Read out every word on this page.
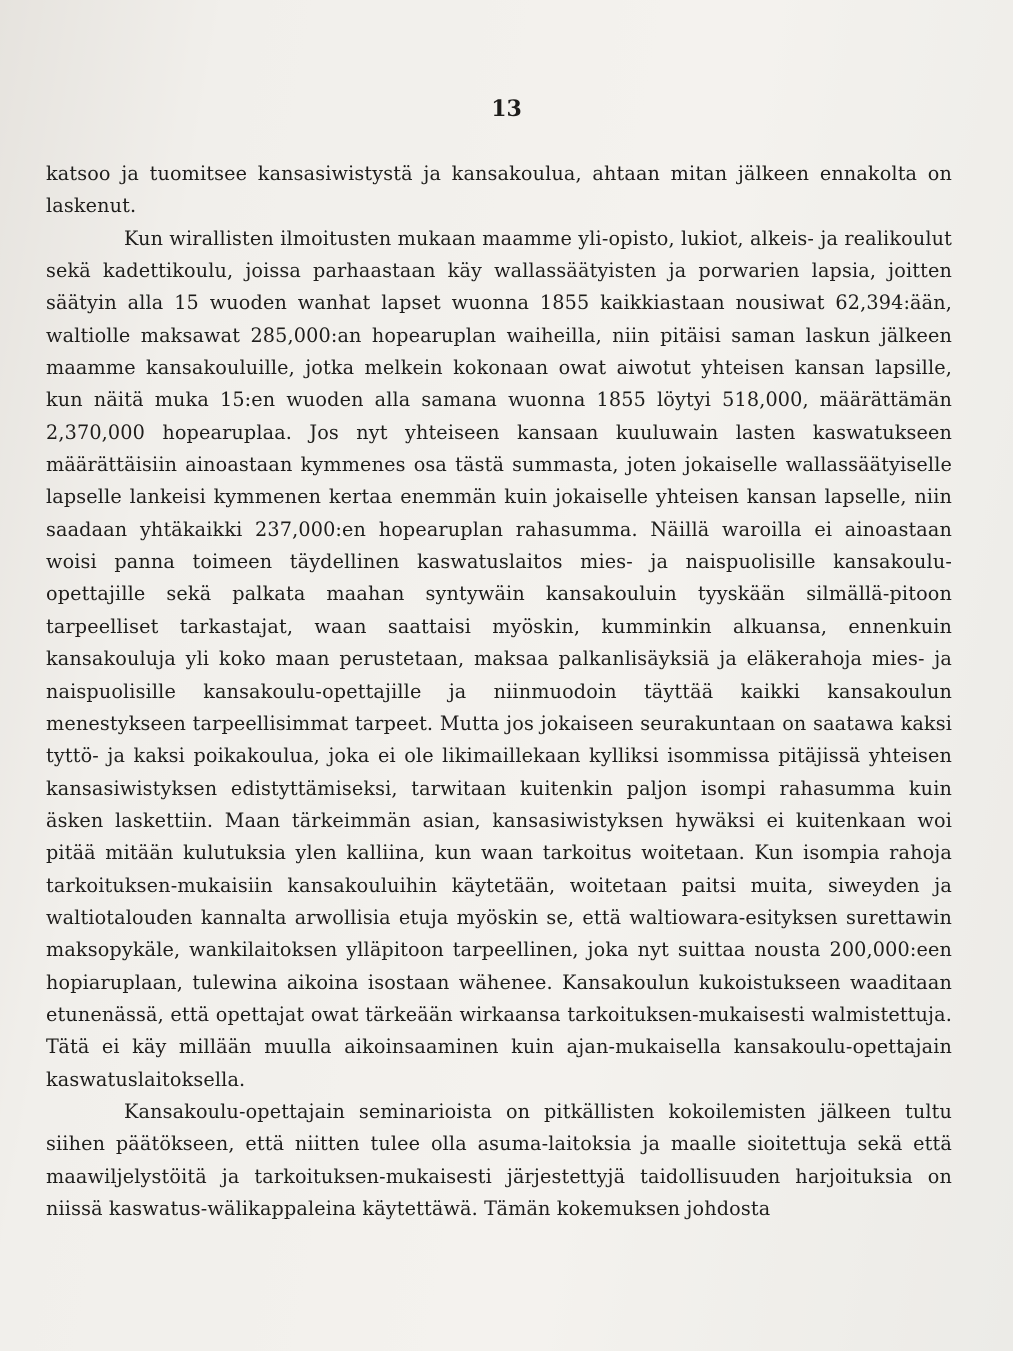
13

katsoo ja tuomitsee kansasiwistystä ja kansakoulua, ahtaan mitan jälkeen ennakolta on laskenut.

Kun wirallisten ilmoitusten mukaan maamme yli-opisto, lukiot, alkeis- ja realikoulut sekä kadettikoulu, joissa parhaastaan käy wallassäätyisten ja porwarien lapsia, joitten säätyin alla 15 wuoden wanhat lapset wuonna 1855 kaikkiastaan nousiwat 62,394:ään, waltiolle maksawat 285,000:an hopearuplan waiheilla, niin pitäisi saman laskun jälkeen maamme kansakouluille, jotka melkein kokonaan owat aiwotut yhteisen kansan lapsille, kun näitä muka 15:en wuoden alla samana wuonna 1855 löytyi 518,000, määrättämän 2,370,000 hopearuplaa. Jos nyt yhteiseen kansaan kuuluwain lasten kaswatukseen määrättäisiin ainoastaan kymmenes osa tästä summasta, joten jokaiselle wallassäätyiselle lapselle lankeisi kymmenen kertaa enemmän kuin jokaiselle yhteisen kansan lapselle, niin saadaan yhtäkaikki 237,000:en hopearuplan rahasumma. Näillä waroilla ei ainoastaan woisi panna toimeen täydellinen kaswatuslaitos mies- ja naispuolisille kansakoulu-opettajille sekä palkata maahan syntywäin kansakouluin tyyskään silmällä-pitoon tarpeelliset tarkastajat, waan saattaisi myöskin, kumminkin alkuansa, ennenkuin kansakouluja yli koko maan perustetaan, maksaa palkanlisäyksiä ja eläkerahoja mies- ja naispuolisille kansakoulu-opettajille ja niinmuodoin täyttää kaikki kansakoulun menestykseen tarpeellisimmat tarpeet. Mutta jos jokaiseen seurakuntaan on saatawa kaksi tyttö- ja kaksi poikakoulua, joka ei ole likimaillekaan kylliksi isommissa pitäjissä yhteisen kansasiwistyksen edistyttämiseksi, tarwitaan kuitenkin paljon isompi rahasumma kuin äsken laskettiin. Maan tärkeimmän asian, kansasiwistyksen hywäksi ei kuitenkaan woi pitää mitään kulutuksia ylen kalliina, kun waan tarkoitus woitetaan. Kun isompia rahoja tarkoituksen-mukaisiin kansakouluihin käytetään, woitetaan paitsi muita, siweyden ja waltiotalouden kannalta arwollisia etuja myöskin se, että waltiowara-esityksen surettawin maksopykäle, wankilaitoksen ylläpitoon tarpeellinen, joka nyt suittaa nousta 200,000:een hopiaruplaan, tulewina aikoina isostaan wähenee. Kansakoulun kukoistukseen waaditaan etunenässä, että opettajat owat tärkeään wirkaansa tarkoituksen-mukaisesti walmistettuja. Tätä ei käy millään muulla aikoinsaaminen kuin ajan-mukaisella kansakoulu-opettajain kaswatuslaitoksella.

Kansakoulu-opettajain seminarioista on pitkällisten kokoilemisten jälkeen tultu siihen päätökseen, että niitten tulee olla asuma-laitoksia ja maalle sioitettuja sekä että maawiljelystöitä ja tarkoituksen-mukaisesti järjestettyjä taidollisuuden harjoituksia on niissä kaswatus-wälikappaleina käytettäwä. Tämän kokemuksen johdosta
